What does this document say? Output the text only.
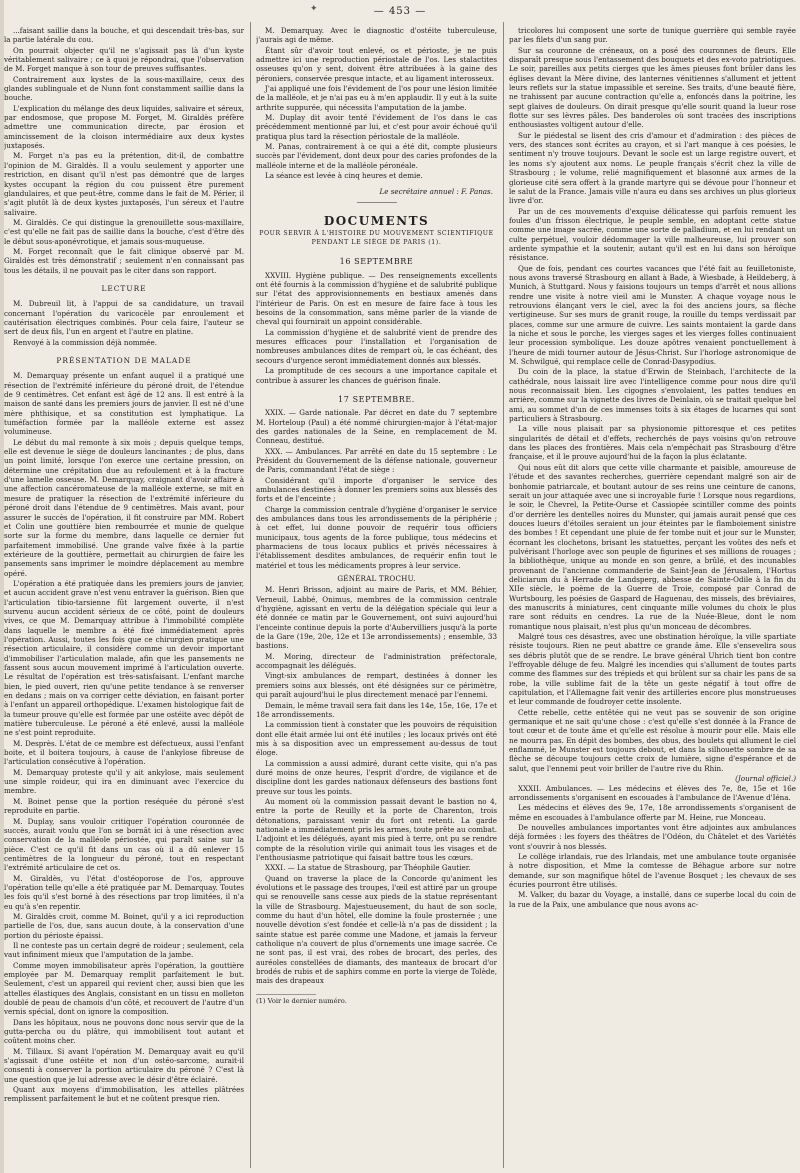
✦	— 453 —

...faisant saillie dans la bouche, et qui descendait très-bas, sur la partie latérale du cou.

On pourrait objecter qu'il ne s'agissait pas là d'un kyste véritablement salivaire ; ce à quoi je répondrai, que l'observation de M. Forget manque à son tour de preuves suffisantes.

Contrairement aux kystes de la sous-maxillaire, ceux des glandes sublinguale et de Nunn font constamment saillie dans la bouche.

L'explication du mélange des deux liquides, salivaire et séreux, par endosmose, que propose M. Forget, M. Giraldès préfère admettre une communication directe, par érosion et amincissement de la cloison intermédiaire aux deux kystes juxtaposés.

M. Forget n'a pas eu la prétention, dit-il, de combattre l'opinion de M. Giraldès. Il a voulu seulement y apporter une restriction, en disant qu'il n'est pas démontré que de larges kystes occupant la région du cou puissent être purement glandulaires, et que peut-être, comme dans le fait de M. Périer, il s'agit plutôt là de deux kystes juxtaposés, l'un séreux et l'autre salivaire.

M. Giraldès. Ce qui distingue la grenouillette sous-maxillaire, c'est qu'elle ne fait pas de saillie dans la bouche, c'est d'être dès le début sous-aponévrotique, et jamais sous-muqueuse.

M. Forget reconnaît que le fait clinique observé par M. Giraldès est très démonstratif ; seulement n'en connaissant pas tous les détails, il ne pouvait pas le citer dans son rapport.

LECTURE

M. Dubreuil lit, à l'appui de sa candidature, un travail concernant l'opération du varicocèle par enroulement et cautérisation électriques combinés. Pour cela faire, l'auteur se sert de deux fils, l'un en argent et l'autre en platine.

Renvoyé à la commission déjà nommée.

PRÉSENTATION DE MALADE

M. Demarquay présente un enfant auquel il a pratiqué une résection de l'extrémité inférieure du péroné droit, de l'étendue de 9 centimètres. Cet enfant est âgé de 12 ans. Il est entré à la maison de santé dans les premiers jours de janvier. Il est né d'une mère phthisique, et sa constitution est lymphatique. La tuméfaction formée par la malléole externe est assez volumineuse.

Le début du mal remonte à six mois ; depuis quelque temps, elle est devenue le siège de douleurs lancinantes ; de plus, dans un point limité, lorsque l'on exerce une certaine pression, on détermine une crépitation due au refoulement et à la fracture d'une lamelle osseuse. M. Demarquay, craignant d'avoir affaire à une affection cancéromateuse de la malléole externe, se mit en mesure de pratiquer la résection de l'extrémité inférieure du péroné droit dans l'étendue de 9 centimètres. Mais avant, pour assurer le succès de l'opération, il fit construire par MM. Robert et Colin une gouttière bien rembourrée et munie de quelque sorte sur la forme du membre, dans laquelle ce dernier fut parfaitement immobilisé. Une grande valve fixée à la partie extérieure de la gouttière, permettait au chirurgien de faire les pansements sans imprimer le moindre déplacement au membre opéré.

L'opération a été pratiquée dans les premiers jours de janvier, et aucun accident grave n'est venu entraver la guérison. Bien que l'articulation tibio-tarsienne fût largement ouverte, il n'est survenu aucun accident sérieux de ce côté, point de douleurs vives, ce que M. Demarquay attribue à l'immobilité complète dans laquelle le membre a été fixé immédiatement après l'opération. Aussi, toutes les fois que ce chirurgien pratique une résection articulaire, il considère comme un devoir important d'immobiliser l'articulation malade, afin que les pansements ne fassent sous aucun mouvement imprimé à l'articulation ouverte. Le résultat de l'opération est très-satisfaisant. L'enfant marche bien, le pied ouvert, rien qu'une petite tendance à se renverser en dedans ; mais on va corriger cette déviation, en faisant porter à l'enfant un appareil orthopédique. L'examen histologique fait de la tumeur prouve qu'elle est formée par une ostéite avec dépôt de matière tuberculeuse. Le péroné a été enlevé, aussi la malléole ne s'est point reproduite.

M. Desprès. L'état de ce membre est défectueux, aussi l'enfant boite, et il boitera toujours, à cause de l'ankylose fibreuse de l'articulation consécutive à l'opération.

M. Demarquay proteste qu'il y ait ankylose, mais seulement une simple roideur, qui ira en diminuant avec l'exercice du membre.

M. Boinet pense que la portion reséquée du péroné s'est reproduite en partie.

M. Duplay, sans vouloir critiquer l'opération couronnée de succès, aurait voulu que l'on se bornât ici à une résection avec conservation de la malléole périostée, qui paraît saine sur la pièce. C'est ce qu'il fit dans un cas où il a dû enlever 15 centimètres de la longueur du péroné, tout en respectant l'extrémité articulaire de cet os.

M. Giraldès, vu l'état d'ostéoporose de l'os, approuve l'opération telle qu'elle a été pratiquée par M. Demarquay. Toutes les fois qu'il s'est borné à des résections par trop limitées, il n'a eu qu'à s'en repentir.

M. Giraldès croit, comme M. Boinet, qu'il y a ici reproduction partielle de l'os, due, sans aucun doute, à la conservation d'une portion du périoste épaissi.

Il ne conteste pas un certain degré de roideur ; seulement, cela vaut infiniment mieux que l'amputation de la jambe.

Comme moyen immobilisateur après l'opération, la gouttière employée par M. Demarquay remplit parfaitement le but. Seulement, c'est un appareil qui revient cher, aussi bien que les attelles élastiques des Anglais, consistant en un tissu en molleton doublé de peau de chamois d'un côté, et recouvert de l'autre d'un vernis spécial, dont on ignore la composition.

Dans les hôpitaux, nous ne pouvons donc nous servir que de la gutta-percha ou du plâtre, qui immobilisent tout autant et coûtent moins cher.

M. Tillaux. Si avant l'opération M. Demarquay avait eu qu'il s'agissait d'une ostéite et non d'un ostéo-sarcome, aurait-il consenti à conserver la portion articulaire du péroné ? C'est là une question que je lui adresse avec le désir d'être éclairé.

Quant aux moyens d'immobilisation, les attelles plâtrées remplissent parfaitement le but et ne coûtent presque rien.

M. Demarquay. Avec le diagnostic d'ostéite tuberculeuse, j'aurais agi de même.

Étant sûr d'avoir tout enlevé, os et périoste, je ne puis admettre ici une reproduction périostale de l'os. Les stalactites osseuses qu'on y sent, doivent être attribuées à la gaine des péroniers, conservée presque intacte, et au ligament interosseux.

J'ai appliqué une fois l'évidement de l'os pour une lésion limitée de la malléole, et je n'ai pas eu à m'en applaudir. Il y eut à la suite arthrite suppurée, qui nécessita l'amputation de la jambe.

M. Duplay dit avoir tenté l'évidement de l'os dans le cas précédemment mentionné par lui, et c'est pour avoir échoué qu'il pratiqua plus tard la résection périostale de la malléole.

M. Panas, contrairement à ce qui a été dit, compte plusieurs succès par l'évidement, dont deux pour des caries profondes de la malléole interne et de la malléole péronéale.

La séance est levée à cinq heures et demie.

Le secrétaire annuel : F. Panas.
DOCUMENTS
POUR SERVIR À L'HISTOIRE DU MOUVEMENT SCIENTIFIQUE PENDANT LE SIÈGE DE PARIS (1).
16 SEPTEMBRE

XXVIII. Hygiène publique. — Des renseignements excellents ont été fournis à la commission d'hygiène et de salubrité publique sur l'état des approvisionnements en bestiaux amenés dans l'intérieur de Paris. On est en mesure de faire face à tous les besoins de la consommation, sans même parler de la viande de cheval qui fournirait un appoint considérable.

La commission d'hygiène et de salubrité vient de prendre des mesures efficaces pour l'installation et l'organisation de nombreuses ambulances dites de rempart où, le cas échéant, des secours d'urgence seront immédiatement donnés aux blessés.

La promptitude de ces secours a une importance capitale et contribue à assurer les chances de guérison finale.

17 SEPTEMBRE.

XXIX. — Garde nationale. Par décret en date du 7 septembre M. Horteloup (Paul) a été nommé chirurgien-major à l'état-major des gardes nationales de la Seine, en remplacement de M. Conneau, destitué.

XXX. — Ambulances. Par arrêté en date du 15 septembre : Le Président du Gouvernement de la défense nationale, gouverneur de Paris, commandant l'état de siège :

Considérant qu'il importe d'organiser le service des ambulances destinées à donner les premiers soins aux blessés des forts et de l'enceinte ;

Charge la commission centrale d'hygiène d'organiser le service des ambulances dans tous les arrondissements de la périphérie ; à cet effet, lui donne pouvoir de requérir tous officiers municipaux, tous agents de la force publique, tous médecins et pharmaciens de tous locaux publics et privés nécessaires à l'établissement desdites ambulances, de requérir enfin tout le matériel et tous les médicaments propres à leur service.

GÉNÉRAL TROCHU.

M. Henri Brisson, adjoint au maire de Paris, et MM. Béhier, Verneuil, Labbé, Onimus, membres de la commission centrale d'hygiène, agissant en vertu de la délégation spéciale qui leur a été donnée ce matin par le Gouvernement, ont suivi aujourd'hui l'enceinte continue depuis la porte d'Aubervilliers jusqu'à la porte de la Gare (19e, 20e, 12e et 13e arrondissements) ; ensemble, 33 bastions.

M. Moring, directeur de l'administration préfectorale, accompagnait les délégués.

Vingt-six ambulances de rempart, destinées à donner les premiers soins aux blessés, ont été désignées sur ce périmètre, qui paraît aujourd'hui le plus directement menacé par l'ennemi.

Demain, le même travail sera fait dans les 14e, 15e, 16e, 17e et 18e arrondissements.

La commission tient à constater que les pouvoirs de réquisition dont elle était armée lui ont été inutiles ; les locaux privés ont été mis à sa disposition avec un empressement au-dessus de tout éloge.

La commission a aussi admiré, durant cette visite, qui n'a pas duré moins de onze heures, l'esprit d'ordre, de vigilance et de discipline dont les gardes nationaux défenseurs des bastions font preuve sur tous les points.

Au moment où la commission passait devant le bastion no 4, entre la porte de Reuilly et la porte de Charenton, trois détonations, paraissant venir du fort ont retenti. La garde nationale a immédiatement pris les armes, toute prête au combat. L'adjoint et les délégués, ayant mis pied à terre, ont pu se rendre compte de la résolution virile qui animait tous les visages et de l'enthousiasme patriotique qui faisait battre tous les cœurs.

XXXI. — La statue de Strasbourg, par Théophile Gautier.

Quand on traverse la place de la Concorde qu'animent les évolutions et le passage des troupes, l'œil est attiré par un groupe qui se renouvelle sans cesse aux pieds de la statue représentant la ville de Strasbourg. Majestueusement, du haut de son socle, comme du haut d'un hôtel, elle domine la foule prosternée ; une nouvelle dévotion s'est fondée et celle-là n'a pas de dissident ; la sainte statue est parée comme une Madone, et jamais la ferveur catholique n'a couvert de plus d'ornements une image sacrée. Ce ne sont pas, il est vrai, des robes de brocart, des perles, des auréoles constellées de diamants, des manteaux de brocart d'or brodés de rubis et de saphirs comme en porte la vierge de Tolède, mais des drapeaux

(1) Voir le dernier numéro.

tricolores lui composent une sorte de tunique guerrière qui semble rayée par les filets d'un sang pur.

Sur sa couronne de créneaux, on a posé des couronnes de fleurs. Elle disparaît presque sous l'entassement des bouquets et des ex-voto patriotiques. Le soir, pareilles aux petits cierges que les âmes pieuses font brûler dans les églises devant la Mère divine, des lanternes vénitiennes s'allument et jettent leurs reflets sur la statue impassible et sereine. Ses traits, d'une beauté fière, ne trahissent par aucune contraction qu'elle a, enfoncés dans la poitrine, les sept glaives de douleurs. On dirait presque qu'elle sourit quand la lueur rose flotte sur ses lèvres pâles. Des banderoles où sont tracées des inscriptions enthousiastes voltigent autour d'elle.

Sur le piédestal se lisent des cris d'amour et d'admiration : des pièces de vers, des stances sont écrites au crayon, et si l'art manque à ces poésies, le sentiment n'y trouve toujours. Devant le socle est un large registre ouvert, et les noms s'y ajoutent aux noms. Le peuple français s'écrit chez la ville de Strasbourg ; le volume, relié magnifiquement et blasonné aux armes de la glorieuse cité sera offert à la grande martyre qui se dévoue pour l'honneur et le salut de la France. Jamais ville n'aura eu dans ses archives un plus glorieux livre d'or.

Par un de ces mouvements d'exquise délicatesse qui parfois remuent les foules d'un frisson électrique, le peuple semble, en adoptant cette statue comme une image sacrée, comme une sorte de palladium, et en lui rendant un culte perpétuel, vouloir dédommager la ville malheureuse, lui prouver son ardente sympathie et la soutenir, autant qu'il est en lui dans son héroïque résistance.

Que de fois, pendant ces courtes vacances que l'été fait au feuilletoniste, nous avons traversé Strasbourg en allant à Bade, à Wiesbade, à Heildeberg, à Munich, à Stuttgard. Nous y faisions toujours un temps d'arrêt et nous allions rendre une visite à notre vieil ami le Munster. A chaque voyage nous le retrouvions élançant vers le ciel, avec la foi des anciens jours, sa flèche vertigineuse. Sur ses murs de granit rouge, la rouille du temps verdissait par places, comme sur une armure de cuivre. Les saints montaient la garde dans la niche et sous le porche, les vierges sages et les vierges folles continuaient leur procession symbolique. Les douze apôtres venaient ponctuellement à l'heure de midi tourner autour de Jésus-Christ. Sur l'horloge astronomique de M. Schwilgué, qui remplace celle de Conrad-Dasypodius.

Du coin de la place, la statue d'Erwin de Steinbach, l'architecte de la cathédrale, nous laissait lire avec l'intelligence comme pour nous dire qu'il nous reconnaissait bien. Les cigognes s'envolaient, les pattes tendues en arrière, comme sur la vignette des livres de Deinlain, où se traitait quelque bel ami, au sommet d'un de ces immenses toits à six étages de lucarnes qui sont particuliers à Strasbourg.

La ville nous plaisait par sa physionomie pittoresque et ces petites singularités de détail et d'effets, recherchés de pays voisins qu'on retrouve dans les places des frontières. Mais cela n'empêchait pas Strasbourg d'être française, et il le prouve aujourd'hui de la façon la plus éclatante.

Qui nous eût dit alors que cette ville charmante et paisible, amoureuse de l'étude et des savantes recherches, guerrière cependant malgré son air de bonhomie patriarcale, et boutant autour de ses reins une ceinture de canons, serait un jour attaquée avec une si incroyable furie ! Lorsque nous regardions, le soir, le Chevrel, la Petite-Ourse et Cassiopée scintiller comme des points d'or derrière les dentelles noires du Munster, qui jamais aurait pensé que ces douces lueurs d'étoiles seraient un jour éteintes par le flamboiement sinistre des bombes ! Et cependant une pluie de fer tombe nuit et jour sur le Munster, écornant les clochetons, brisant les statuettes, perçant les voûtes des nefs et pulvérisant l'horloge avec son peuple de figurines et ses millions de rouages ; la bibliothèque, unique au monde en son genre, a brûlé, et des incunables provenant de l'ancienne commanderie de Saint-Jean de Jérusalem, l'Hortus deliciarum du à Herrade de Landsperg, abbesse de Sainte-Odile à la fin du XIIe siècle, le poème de la Guerre de Troie, composé par Conrad de Wurtsbourg, les poésies de Gaspard de Haguenau, des missels, des bréviaires, des manuscrits à miniatures, cent cinquante mille volumes du choix le plus rare sont réduits en cendres. La rue de la Nuée-Bleue, dont le nom romantique nous plaisait, n'est plus qu'un monceau de décombres.

Malgré tous ces désastres, avec une obstination héroïque, la ville spartiate résiste toujours. Rien ne peut abattre ce grande âme. Elle s'ensevelira sous ses débris plutôt que de se rendre. Le brave général Uhrich tient bon contre l'effroyable déluge de feu. Malgré les incendies qui s'allument de toutes parts comme des flammes sur des trépieds et qui brûlent sur sa chair les pans de sa robe, la ville sublime fait de la tête un geste négatif à tout offre de capitulation, et l'Allemagne fait venir des artilleries encore plus monstrueuses et leur commande de foudroyer cette insolente.

Cette rebelle, cette entêtée qui ne veut pas se souvenir de son origine germanique et ne sait qu'une chose : c'est qu'elle s'est donnée à la France de tout cœur et de toute âme et qu'elle est résolue à mourir pour elle. Mais elle ne mourra pas. En dépit des bombes, des obus, des boulets qui allument le ciel enflammé, le Munster est toujours debout, et dans la silhouette sombre de sa flèche se découpe toujours cette croix de lumière, signe d'espérance et de salut, que l'ennemi peut voir briller de l'autre rive du Rhin.

(Journal officiel.)

XXXII. Ambulances. — Les médecins et élèves des 7e, 8e, 15e et 16e arrondissements s'organisent en escouades à l'ambulance de l'Avenue d'Iéna.

Les médecins et élèves des 9e, 17e, 18e arrondissements s'organisent de même en escouades à l'ambulance offerte par M. Heine, rue Monceau.

De nouvelles ambulances importantes vont être adjointes aux ambulances déjà formées : les foyers des théâtres de l'Odéon, du Châtelet et des Variétés vont s'ouvrir à nos blessés.

Le collège irlandais, rue des Irlandais, met une ambulance toute organisée à notre disposition, et Mme la comtesse de Béhague arbore sur notre demande, sur son magnifique hôtel de l'avenue Bosquet ; les chevaux de ses écuries pourront être utilisés.

M. Valker, du bazar du Voyage, a installé, dans ce superbe local du coin de la rue de la Paix, une ambulance que nous avons ac-
